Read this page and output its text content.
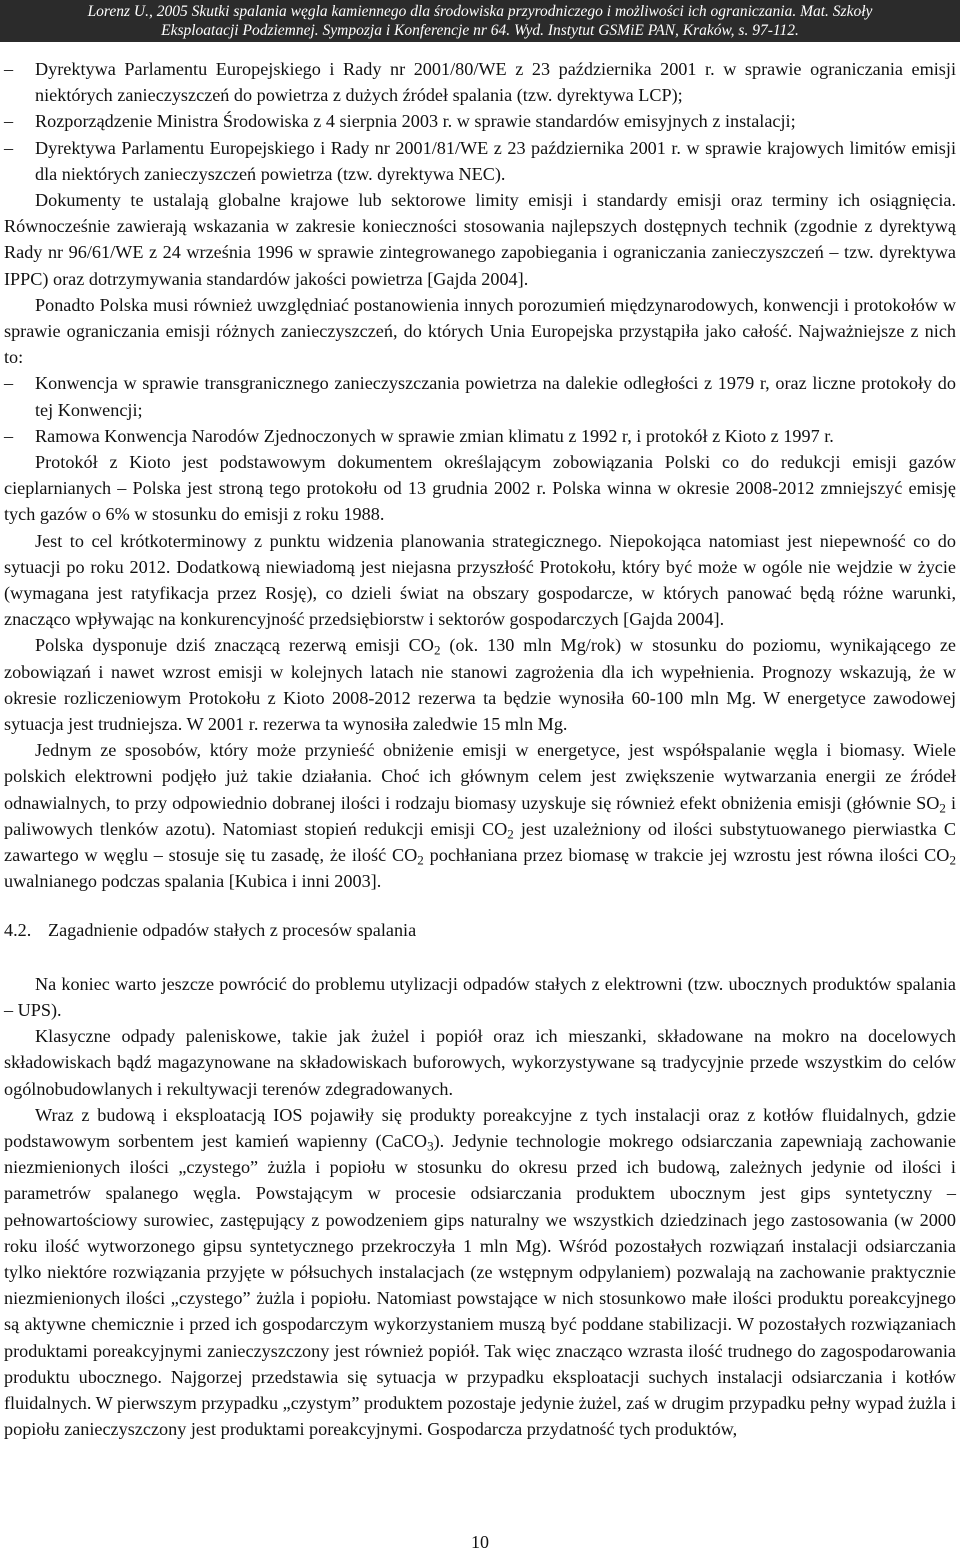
Lorenz U., 2005 Skutki spalania węgla kamiennego dla środowiska przyrodniczego i możliwości ich ograniczania. Mat. Szkoły
Eksploatacji Podziemnej. Sympozja i Konferencje nr 64. Wyd. Instytut GSMiE PAN, Kraków, s. 97-112.

– Dyrektywa Parlamentu Europejskiego i Rady nr 2001/80/WE z 23 października 2001 r. w sprawie ograniczania emisji niektórych zanieczyszczeń do powietrza z dużych źródeł spalania (tzw. dyrektywa LCP);

– Rozporządzenie Ministra Środowiska z 4 sierpnia 2003 r. w sprawie standardów emisyjnych z instalacji;

– Dyrektywa Parlamentu Europejskiego i Rady nr 2001/81/WE z 23 października 2001 r. w sprawie krajowych limitów emisji dla niektórych zanieczyszczeń powietrza (tzw. dyrektywa NEC).

Dokumenty te ustalają globalne krajowe lub sektorowe limity emisji i standardy emisji oraz terminy ich osiągnięcia. Równocześnie zawierają wskazania w zakresie konieczności stosowania najlepszych dostępnych technik (zgodnie z dyrektywą Rady nr 96/61/WE z 24 września 1996 w sprawie zintegrowanego zapobiegania i ograniczania zanieczyszczeń – tzw. dyrektywa IPPC) oraz dotrzymywania standardów jakości powietrza [Gajda 2004].

Ponadto Polska musi również uwzględniać postanowienia innych porozumień międzynarodowych, konwencji i protokołów w sprawie ograniczania emisji różnych zanieczyszczeń, do których Unia Europejska przystąpiła jako całość. Najważniejsze z nich to:

– Konwencja w sprawie transgranicznego zanieczyszczania powietrza na dalekie odległości z 1979 r, oraz liczne protokoły do tej Konwencji;

– Ramowa Konwencja Narodów Zjednoczonych w sprawie zmian klimatu z 1992 r, i protokół z Kioto z 1997 r.

Protokół z Kioto jest podstawowym dokumentem określającym zobowiązania Polski co do redukcji emisji gazów cieplarnianych – Polska jest stroną tego protokołu od 13 grudnia 2002 r. Polska winna w okresie 2008-2012 zmniejszyć emisję tych gazów o 6% w stosunku do emisji z roku 1988.

Jest to cel krótkoterminowy z punktu widzenia planowania strategicznego. Niepokojąca natomiast jest niepewność co do sytuacji po roku 2012. Dodatkową niewiadomą jest niejasna przyszłość Protokołu, który być może w ogóle nie wejdzie w życie (wymagana jest ratyfikacja przez Rosję), co dzieli świat na obszary gospodarcze, w których panować będą różne warunki, znacząco wpływając na konkurencyjność przedsiębiorstw i sektorów gospodarczych [Gajda 2004].

Polska dysponuje dziś znaczącą rezerwą emisji $CO_2$ (ok. 130 mln Mg/rok) w stosunku do poziomu, wynikającego ze zobowiązań i nawet wzrost emisji w kolejnych latach nie stanowi zagrożenia dla ich wypełnienia. Prognozy wskazują, że w okresie rozliczeniowym Protokołu z Kioto 2008-2012 rezerwa ta będzie wynosiła 60-100 mln Mg. W energetyce zawodowej sytuacja jest trudniejsza. W 2001 r. rezerwa ta wynosiła zaledwie 15 mln Mg.

Jednym ze sposobów, który może przynieść obniżenie emisji w energetyce, jest współspalanie węgla i biomasy. Wiele polskich elektrowni podjęło już takie działania. Choć ich głównym celem jest zwiększenie wytwarzania energii ze źródeł odnawialnych, to przy odpowiednio dobranej ilości i rodzaju biomasy uzyskuje się również efekt obniżenia emisji (głównie $SO_2$ i paliwowych tlenków azotu). Natomiast stopień redukcji emisji $CO_2$ jest uzależniony od ilości substytuowanego pierwiastka C zawartego w węglu – stosuje się tu zasadę, że ilość $CO_2$ pochłaniana przez biomasę w trakcie jej wzrostu jest równa ilości $CO_2$ uwalnianego podczas spalania [Kubica i inni 2003].

4.2. Zagadnienie odpadów stałych z procesów spalania

Na koniec warto jeszcze powrócić do problemu utylizacji odpadów stałych z elektrowni (tzw. ubocznych produktów spalania – UPS).

Klasyczne odpady paleniskowe, takie jak żużel i popiół oraz ich mieszanki, składowane na mokro na docelowych składowiskach bądź magazynowane na składowiskach buforowych, wykorzystywane są tradycyjnie przede wszystkim do celów ogólnobudowlanych i rekultywacji terenów zdegradowanych.

Wraz z budową i eksploatacją IOS pojawiły się produkty poreakcyjne z tych instalacji oraz z kotłów fluidalnych, gdzie podstawowym sorbentem jest kamień wapienny (CaCO$_3$). Jedynie technologie mokrego odsiarczania zapewniają zachowanie niezmienionych ilości „czystego” żużla i popiołu w stosunku do okresu przed ich budową, zależnych jedynie od ilości i parametrów spalanego węgla. Powstającym w procesie odsiarczania produktem ubocznym jest gips syntetyczny – pełnowartościowy surowiec, zastępujący z powodzeniem gips naturalny we wszystkich dziedzinach jego zastosowania (w 2000 roku ilość wytworzonego gipsu syntetycznego przekroczyła 1 mln Mg). Wśród pozostałych rozwiązań instalacji odsiarczania tylko niektóre rozwiązania przyjęte w półsuchych instalacjach (ze wstępnym odpylaniem) pozwalają na zachowanie praktycznie niezmienionych ilości „czystego” żużla i popiołu. Natomiast powstające w nich stosunkowo małe ilości produktu poreakcyjnego są aktywne chemicznie i przed ich gospodarczym wykorzystaniem muszą być poddane stabilizacji. W pozostałych rozwiązaniach produktami poreakcyjnymi zanieczyszczony jest również popiół. Tak więc znacząco wzrasta ilość trudnego do zagospodarowania produktu ubocznego. Najgorzej przedstawia się sytuacja w przypadku eksploatacji suchych instalacji odsiarczania i kotłów fluidalnych. W pierwszym przypadku „czystym” produktem pozostaje jedynie żużel, zaś w drugim przypadku pełny wypad żużla i popiołu zanieczyszczony jest produktami poreakcyjnymi. Gospodarcza przydatność tych produktów,

10
